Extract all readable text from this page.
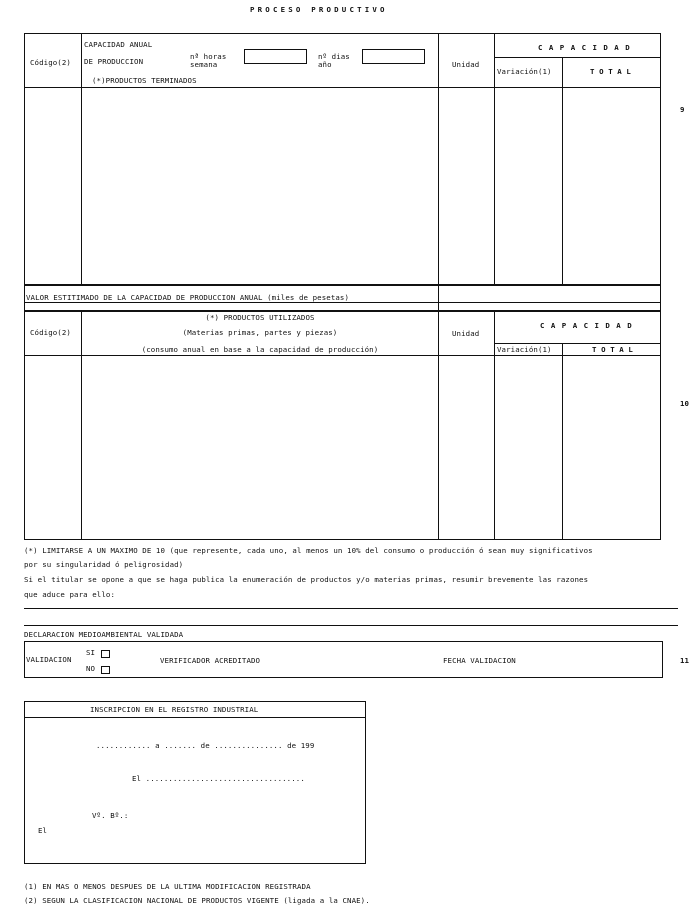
PROCESO PRODUCTIVO
Código(2)
CAPACIDAD ANUAL
DE PRODUCCION
(*)PRODUCTOS TERMINADOS
nª horas
semana
nº dias
año	Unidad
C A P A C I D A D
Variación(1)	T O T A L
9
VALOR ESTITIMADO DE LA CAPACIDAD DE PRODUCCION ANUAL (miles de pesetas)
Código(2)
(*) PRODUCTOS UTILIZADOS
(Materias primas, partes y piezas)
(consumo anual en base a la capacidad de producción)
Unidad
C A P A C I D A D
Variación(1)	T O T A L
10
(*) LIMITARSE A UN MAXIMO DE 10 (que represente, cada uno, al menos un 10% del consumo o producción ó sean muy significativos
por su singularidad ó peligrosidad)
Si el titular se opone a que se haga publica la enumeración de productos y/o materias primas, resumir brevemente las razones
que aduce para ello:
DECLARACION MEDIOAMBIENTAL VALIDADA
VALIDACION
SI
NO
VERIFICADOR ACREDITADO	FECHA VALIDACION	11
INSCRIPCION EN EL REGISTRO INDUSTRIAL
............ a ....... de ............... de 199
El ...................................
Vº. Bº.:
El
(1) EN MAS O MENOS DESPUES DE LA ULTIMA MODIFICACION REGISTRADA
(2) SEGUN LA CLASIFICACION NACIONAL DE PRODUCTOS VIGENTE (ligada a la CNAE).
